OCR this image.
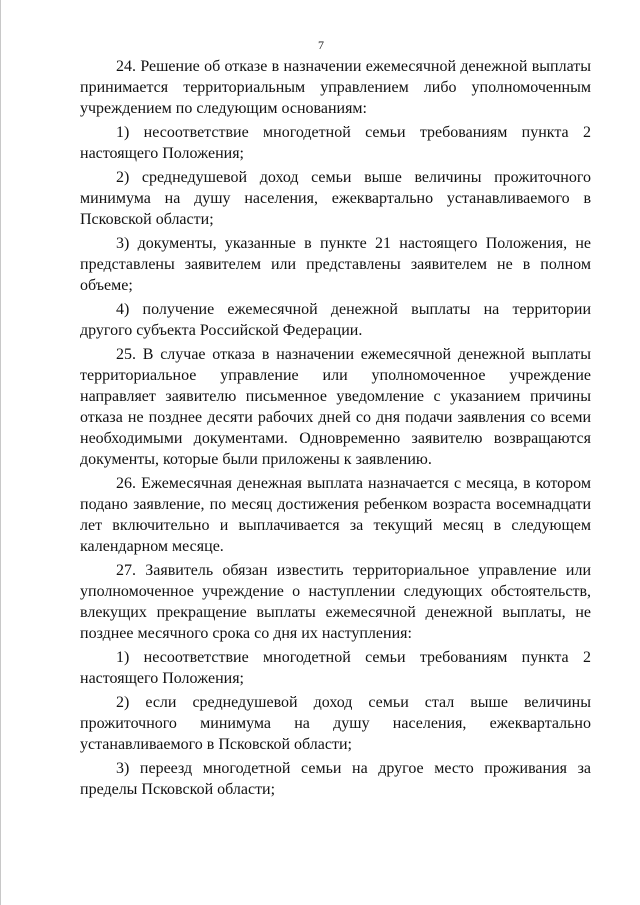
7

24. Решение об отказе в назначении ежемесячной денежной выплаты принимается территориальным управлением либо уполномоченным учреждением по следующим основаниям:

1) несоответствие многодетной семьи требованиям пункта 2 настоящего Положения;

2) среднедушевой доход семьи выше величины прожиточного минимума на душу населения, ежеквартально устанавливаемого в Псковской области;

3) документы, указанные в пункте 21 настоящего Положения, не представлены заявителем или представлены заявителем не в полном объеме;

4) получение ежемесячной денежной выплаты на территории другого субъекта Российской Федерации.

25. В случае отказа в назначении ежемесячной денежной выплаты территориальное управление или уполномоченное учреждение направляет заявителю письменное уведомление с указанием причины отказа не позднее десяти рабочих дней со дня подачи заявления со всеми необходимыми документами. Одновременно заявителю возвращаются документы, которые были приложены к заявлению.

26. Ежемесячная денежная выплата назначается с месяца, в котором подано заявление, по месяц достижения ребенком возраста восемнадцати лет включительно и выплачивается за текущий месяц в следующем календарном месяце.

27. Заявитель обязан известить территориальное управление или уполномоченное учреждение о наступлении следующих обстоятельств, влекущих прекращение выплаты ежемесячной денежной выплаты, не позднее месячного срока со дня их наступления:

1) несоответствие многодетной семьи требованиям пункта 2 настоящего Положения;

2) если среднедушевой доход семьи стал выше величины прожиточного минимума на душу населения, ежеквартально устанавливаемого в Псковской области;

3) переезд многодетной семьи на другое место проживания за пределы Псковской области;
